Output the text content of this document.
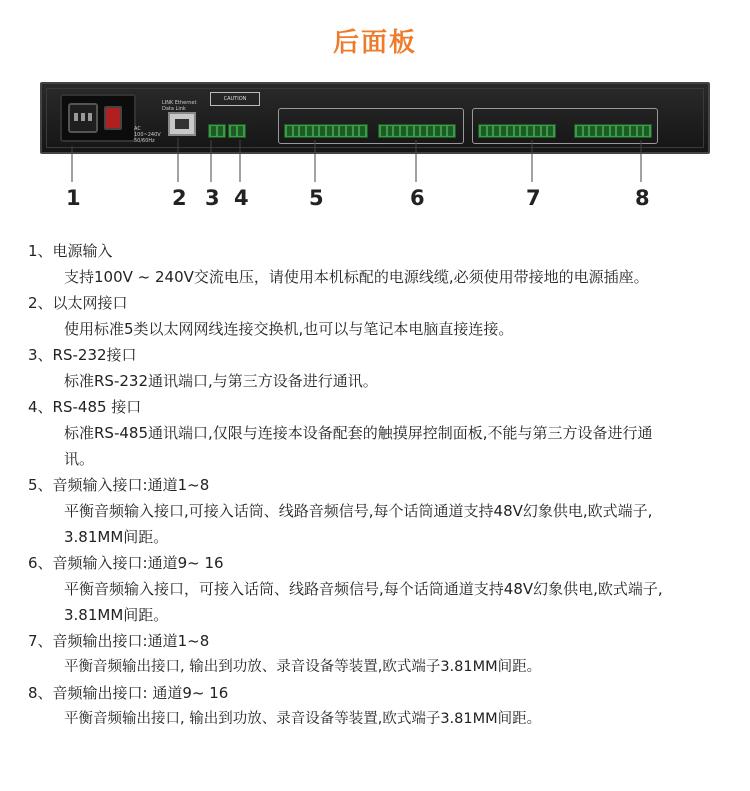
后面板
AC 100~240V 50/60Hz
LINK Ethernet Data Link
CAUTION
1	2 3 4	5	6	7	8
1、电源输入
支持100V ~ 240V交流电压，请使用本机标配的电源线缆,必须使用带接地的电源插座。
2、以太网接口
使用标准5类以太网网线连接交换机,也可以与笔记本电脑直接连接。
3、RS-232接口
标准RS-232通讯端口,与第三方设备进行通讯。
4、RS-485 接口
标准RS-485通讯端口,仅限与连接本设备配套的触摸屏控制面板,不能与第三方设备进行通讯。
5、音频输入接口:通道1~8
平衡音频输入接口,可接入话筒、线路音频信号,每个话筒通道支持48V幻象供电,欧式端子, 3.81MM间距。
6、音频输入接口:通道9~ 16
平衡音频输入接口，可接入话筒、线路音频信号,每个话筒通道支持48V幻象供电,欧式端子, 3.81MM间距。
7、音频输出接口:通道1~8
平衡音频输出接口, 输出到功放、录音设备等装置,欧式端子3.81MM间距。
8、音频输出接口: 通道9~ 16
平衡音频输出接口, 输出到功放、录音设备等装置,欧式端子3.81MM间距。
